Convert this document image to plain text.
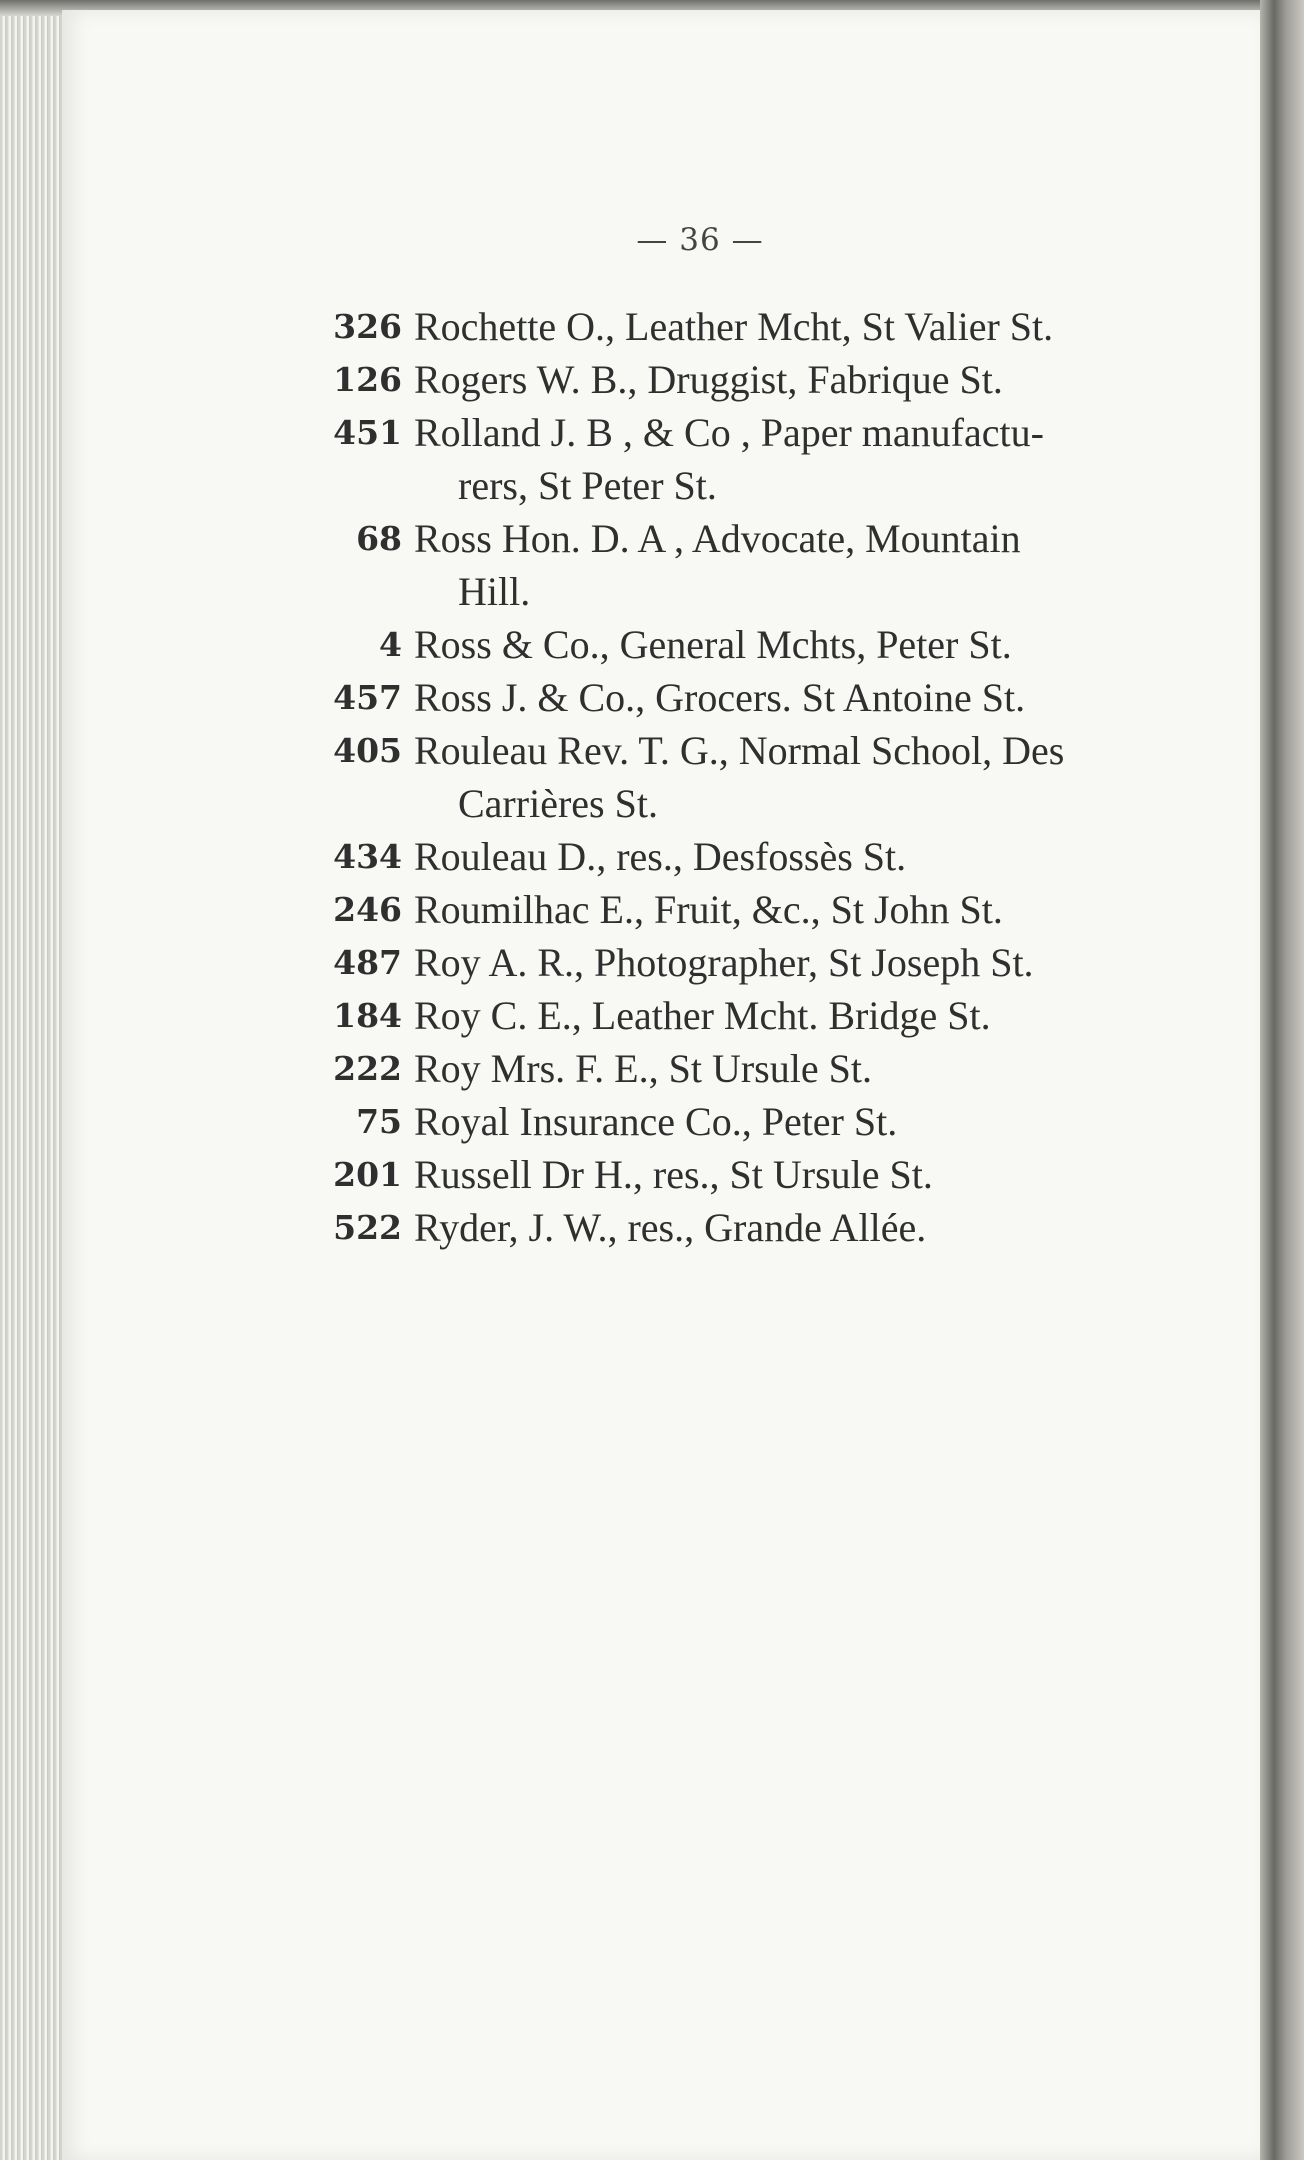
— 36 —
326 Rochette O., Leather Mcht, St Valier St.
126 Rogers W. B., Druggist, Fabrique St.
451 Rolland J. B , & Co , Paper manufactu-
rers, St Peter St.
68 Ross Hon. D. A , Advocate, Mountain
Hill.
4 Ross & Co., General Mchts, Peter St.
457 Ross J. & Co., Grocers. St Antoine St.
405 Rouleau Rev. T. G., Normal School, Des
Carrières St.
434 Rouleau D., res., Desfossès St.
246 Roumilhac E., Fruit, &c., St John St.
487 Roy A. R., Photographer, St Joseph St.
184 Roy C. E., Leather Mcht. Bridge St.
222 Roy Mrs. F. E., St Ursule St.
75 Royal Insurance Co., Peter St.
201 Russell Dr H., res., St Ursule St.
522 Ryder, J. W., res., Grande Allée.
